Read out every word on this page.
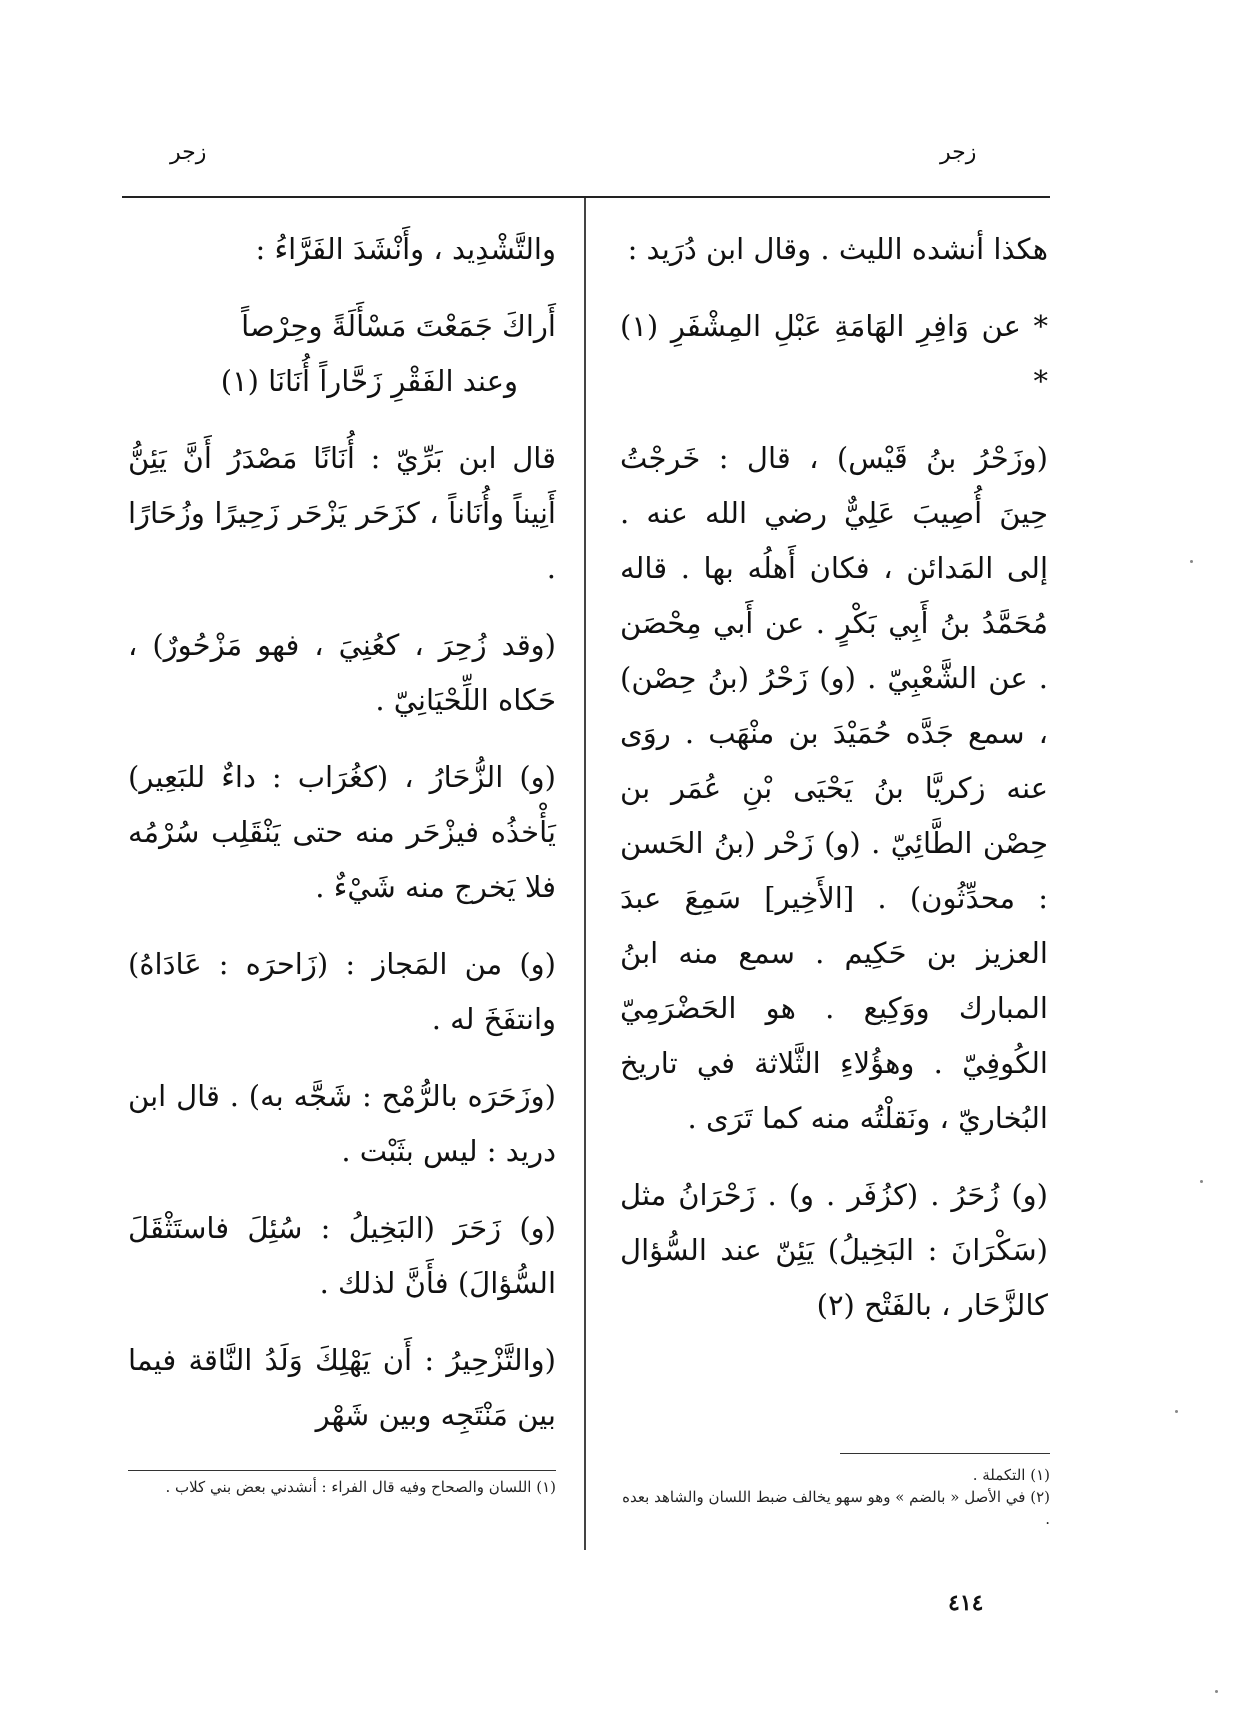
زجر
زجر

هكذا أنشده الليث . وقال ابن دُرَيد :

* عن وَافِرِ الهَامَةِ عَبْلِ المِشْفَرِ (١) *

(وزَحْرُ بنُ قَيْس) ، قال : خَرجْتُ حِينَ أُصِيبَ عَلِيٌّ رضي الله عنه . إلى المَدائن ، فكان أَهلُه بها . قاله مُحَمَّدُ بنُ أَبِي بَكْرٍ . عن أَبي مِحْصَن . عن الشَّعْبِيّ . (و) زَحْرُ (بنُ حِصْن) ، سمع جَدَّه حُمَيْدَ بن منْهَب . روَى عنه زكريَّا بنُ يَحْيَى بْنِ عُمَر بن حِصْن الطَّائِيّ . (و) زَحْر (بنُ الحَسن : محدِّثُون) . [الأَخِير] سَمِعَ عبدَ العزيز بن حَكِيم . سمع منه ابنُ المبارك ووَكِيع . هو الحَضْرَمِيّ الكُوفِيّ . وهؤُلاءِ الثَّلاثة في تاريخ البُخاريّ ، ونَقلْتُه منه كما تَرَى .

(و) زُحَرُ . (كزُفَر . و) . زَحْرَانُ مثل (سَكْرَانَ : البَخِيلُ) يَئِنّ عند السُّؤال كالزَّحَار ، بالفَتْح (٢)

والتَّشْدِيد ، وأَنْشَدَ الفَرَّاءُ :

أَراكَ جَمَعْتَ مَسْأَلَةً وحِرْصاً
وعند الفَقْرِ زَحَّاراً أُنَانَا (١)

قال ابن بَرِّيّ : أُنَانًا مَصْدَرُ أَنَّ يَئِنُّ أَنِيناً وأُنَاناً ، كزَحَر يَزْحَر زَحِيرًا وزُحَارًا .

(وقد زُحِرَ ، كعُنِيَ ، فهو مَزْحُورٌ) ، حَكاه اللِّحْيَانِيّ .

(و) الزُّحَارُ ، (كغُرَاب : داءٌ للبَعِير) يَأْخذُه فيزْحَر منه حتى يَنْقَلِب سُرْمُه فلا يَخرج منه شَيْءٌ .

(و) من المَجاز : (زَاحرَه : عَادَاهُ) وانتفَخَ له .

(وزَحَرَه بالرُّمْح : شَجَّه به) . قال ابن دريد : ليس بثَبْت .

(و) زَحَرَ (البَخِيلُ : سُئِلَ فاستَثْقَلَ السُّؤالَ) فأَنَّ لذلك .

(والتَّزْحِيرُ : أَن يَهْلِكَ وَلَدُ النَّاقة فيما بين مَنْتَجِه وبين شَهْر

(١) التكملة .
(٢) في الأصل « بالضم » وهو سهو يخالف ضبط اللسان والشاهد بعده .
(١) اللسان والصحاح وفيه قال الفراء : أنشدني بعض بني كلاب .
٤١٤
